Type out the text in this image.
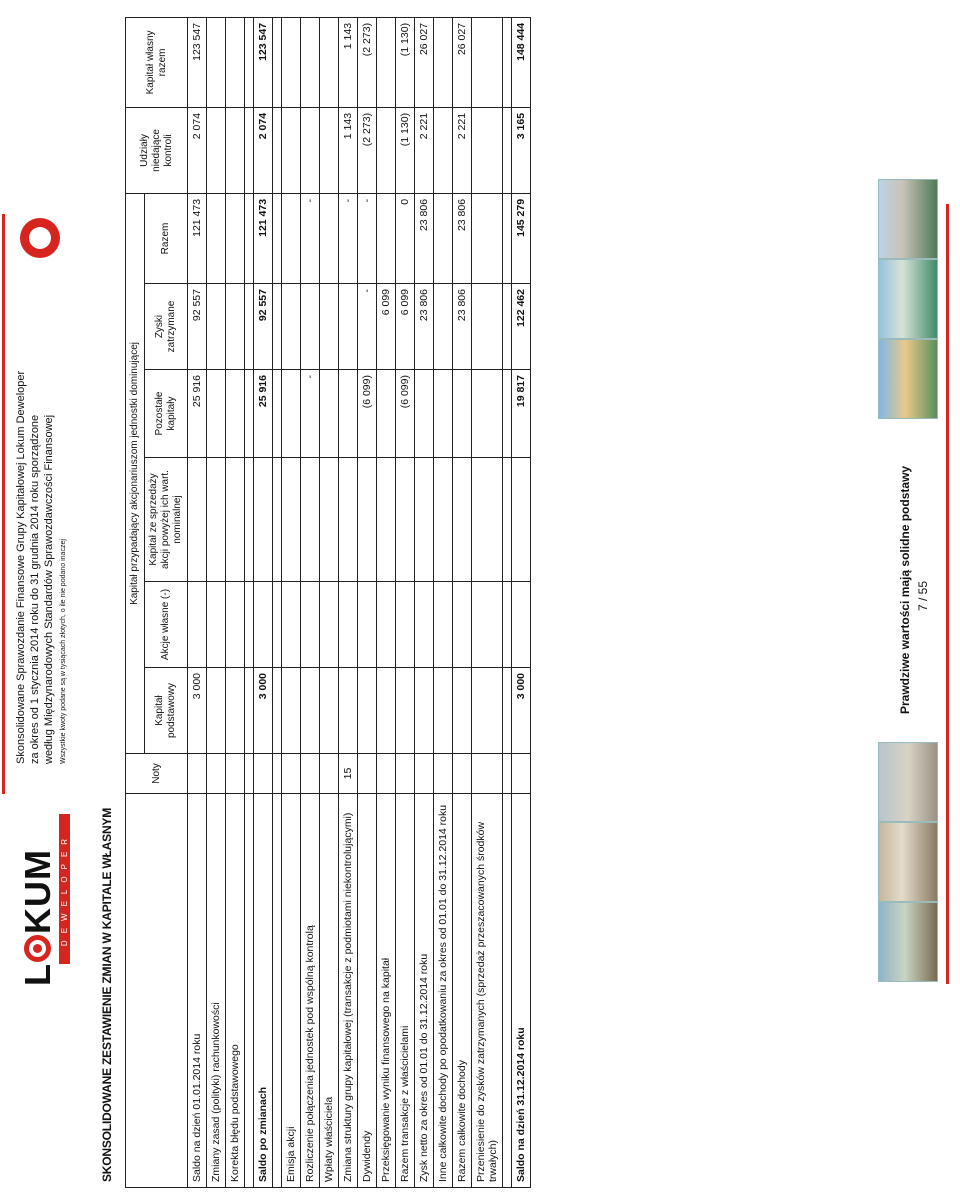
LKUM DEWELOPER
Skonsolidowane Sprawozdanie Finansowe Grupy Kapitałowej Lokum Deweloper za okres od 1 stycznia 2014 roku do 31 grudnia 2014 roku sporządzone według Międzynarodowych Standardów Sprawozdawczości Finansowej Wszystkie kwoty podane są w tysiącach złotych, o ile nie podano inaczej
SKONSOLIDOWANE ZESTAWIENIE ZMIAN W KAPITALE WŁASNYM
	Noty	Kapitał przypadający akcjonariuszom jednostki dominującej						Udziały niedające kontroli	Kapitał własny razem
		Kapitał podstawowy	Akcje własne (-)	Kapitał ze sprzedaży akcji powyżej ich wart. nominalnej	Pozostałe kapitały	Zyski zatrzymane	Razem		
Saldo na dzień 01.01.2014 roku		3 000			25 916	92 557	121 473	2 074	123 547
Zmiany zasad (polityki) rachunkowości									
Korekta błędu podstawowego									

Saldo po zmianach		3 000			25 916	92 557	121 473	2 074	123 547

Emisja akcji									
Rozliczenie połączenia jednostek pod wspólną kontrolą					-		-		
Wpłaty właściciela									
Zmiana struktury grupy kapitałowej (transakcje z podmiotami niekontrolującymi)	15						-	1 143	1 143
Dywidendy					(6 099)	-	-	(2 273)	(2 273)
Przeksięgowanie wyniku finansowego na kapitał						6 099			
Razem transakcje z właścicielami					(6 099)	6 099	0	(1 130)	(1 130)
Zysk netto za okres od 01.01 do 31.12.2014 roku						23 806	23 806	2 221	26 027
Inne całkowite dochody po opodatkowaniu za okres od 01.01 do 31.12.2014 roku									
Razem całkowite dochody						23 806	23 806	2 221	26 027
Przeniesienie do zysków zatrzymanych (sprzedaż przeszacowanych środków trwałych)									

Saldo na dzień 31.12.2014 roku		3 000			19 817	122 462	145 279	3 165	148 444
Prawdziwe wartości mają solidne podstawy 7 / 55
